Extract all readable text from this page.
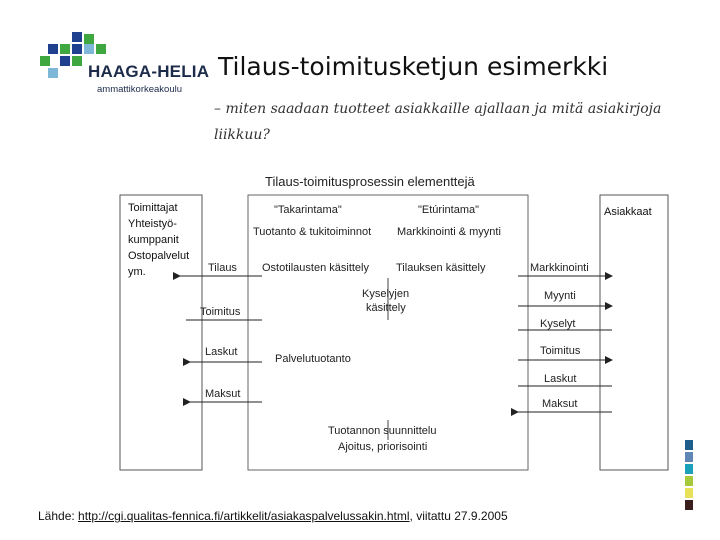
HAAGA-HELIA
ammattikorkeakoulu
Tilaus-toimitusketjun esimerkki
– miten saadaan tuotteet asiakkaille ajallaan ja mitä asiakirjoja liikkuu?
Tilaus-toimitusprosessin elementtejä
Toimittajat
Yhteistyö-
kumppanit
Ostopalvelut
ym.
Asiakkaat
"Takarintama"	"Etúrintama"
Tuotanto & tukitoiminnot Markkinointi & myynti
Tilaus
Toimitus
Laskut
Maksut
Markkinointi
Myynti
Kyselyt
Toimitus
Laskut
Maksut
Ostotilausten käsittely Tilauksen käsittely
Kyselyjen
käsittely
Palvelutuotanto
Tuotannon suunnittelu
Ajoitus, priorisointi
Lähde: http://cgi.qualitas-fennica.fi/artikkelit/asiakaspalvelussakin.html, viitattu 27.9.2005
